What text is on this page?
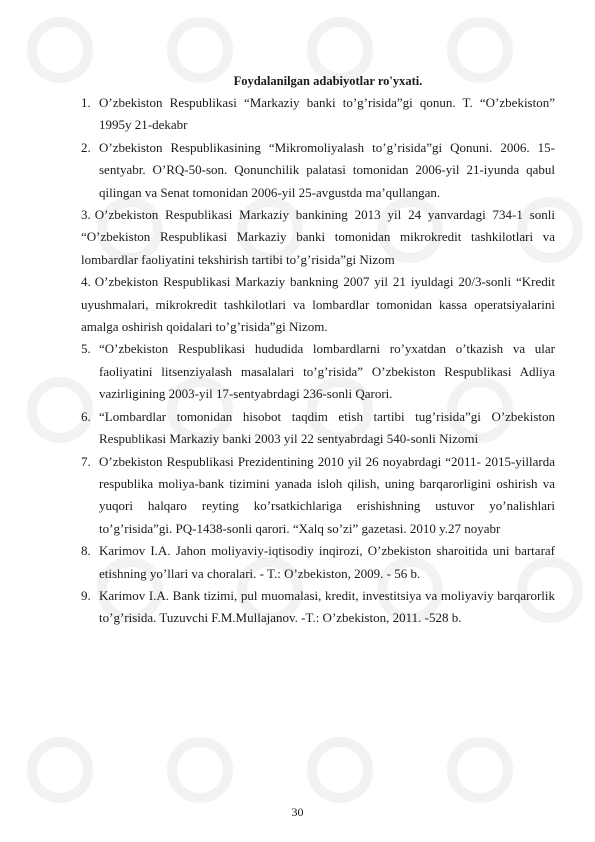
Foydalanilgan adabiyotlar ro'yxati.
1. O’zbekiston Respublikasi “Markaziy banki to’g’risida”gi qonun. T. “O’zbekiston” 1995y 21-dekabr
2. O’zbekiston Respublikasining “Mikromoliyalash to’g’risida”gi Qonuni. 2006. 15-sentyabr. O’RQ-50-son. Qonunchilik palatasi tomonidan 2006-yil 21-iyunda qabul qilingan va Senat tomonidan 2006-yil 25-avgustda ma’qullangan.
3. O’zbekiston Respublikasi Markaziy bankining 2013 yil 24 yanvardagi 734-1 sonli “O’zbekiston Respublikasi Markaziy banki tomonidan mikrokredit tashkilotlari va lombardlar faoliyatini tekshirish tartibi to’g’risida”gi Nizom
4. O’zbekiston Respublikasi Markaziy bankning 2007 yil 21 iyuldagi 20/3-sonli “Kredit uyushmalari, mikrokredit tashkilotlari va lombardlar tomonidan kassa operatsiyalarini amalga oshirish qoidalari to’g’risida”gi Nizom.
5. “O’zbekiston Respublikasi hududida lombardlarni ro’yxatdan o’tkazish va ular faoliyatini litsenziyalash masalalari to’g’risida” O’zbekiston Respublikasi Adliya vazirligining 2003-yil 17-sentyabrdagi 236-sonli Qarori.
6. “Lombardlar tomonidan hisobot taqdim etish tartibi tug’risida”gi O’zbekiston Respublikasi Markaziy banki 2003 yil 22 sentyabrdagi 540-sonli Nizomi
7. O’zbekiston Respublikasi Prezidentining 2010 yil 26 noyabrdagi “2011- 2015-yillarda respublika moliya-bank tizimini yanada isloh qilish, uning barqarorligini oshirish va yuqori halqaro reyting ko’rsatkichlariga erishishning ustuvor yo’nalishlari to’g’risida”gi. PQ-1438-sonli qarori. “Xalq so’zi” gazetasi. 2010 y.27 noyabr
8. Karimov I.A. Jahon moliyaviy-iqtisodiy inqirozi, O’zbekiston sharoitida uni bartaraf etishning yo’llari va choralari. - T.: O’zbekiston, 2009. - 56 b.
9. Karimov I.A. Bank tizimi, pul muomalasi, kredit, investitsiya va moliyaviy barqarorlik to’g’risida. Tuzuvchi F.M.Mullajanov. -T.: O’zbekiston, 2011. -528 b.
30
